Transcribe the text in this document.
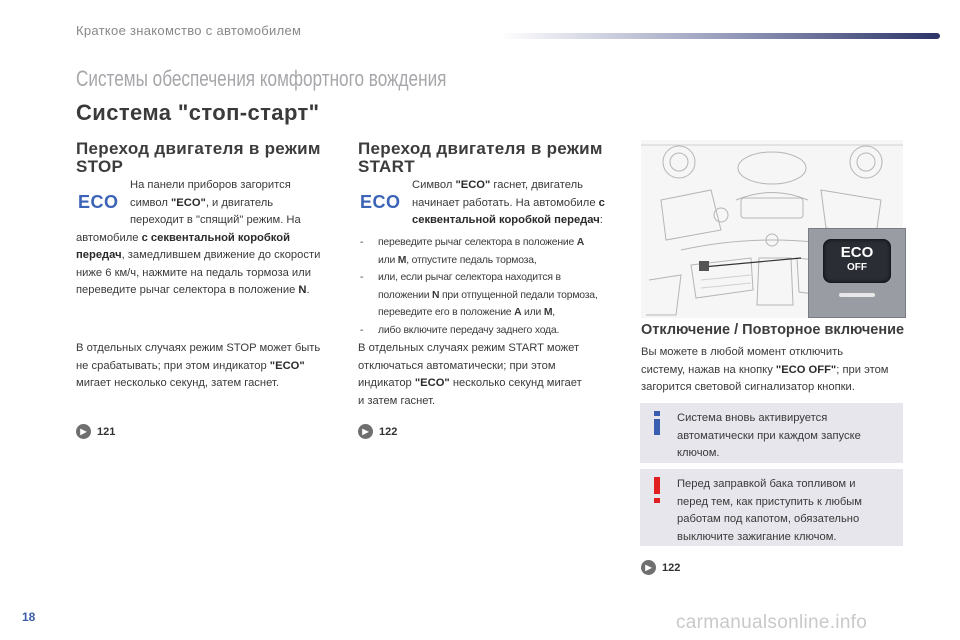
Краткое знакомство с автомобилем
Системы обеспечения комфортного вождения
Система "стоп-старт"
Переход двигателя в режим
STOP
ECO
На панели приборов загорится
символ "ECO", и двигатель
переходит в "спящий" режим. На
автомобиле с секвентальной коробкой
передач, замедлившем движение до скорости
ниже 6 км/ч, нажмите на педаль тормоза или
переведите рычаг селектора в положение N.
В отдельных случаях режим STOP может быть
не срабатывать; при этом индикатор "ECO"
мигает несколько секунд, затем гаснет.
▶ 121
Переход двигателя в режим
START
ECO
Символ "ECO" гаснет, двигатель
начинает работать. На автомобиле с
секвентальной коробкой передач:
- переведите рычаг селектора в положение A
или M, отпустите педаль тормоза,
- или, если рычаг селектора находится в
положении N при отпущенной педали тормоза,
переведите его в положение A или M,
- либо включите передачу заднего хода.
В отдельных случаях режим START может
отключаться автоматически; при этом
индикатор "ECO" несколько секунд мигает
и затем гаснет.
▶ 122
ECO
OFF
Отключение / Повторное включение
Вы можете в любой момент отключить
систему, нажав на кнопку "ECO OFF"; при этом
загорится световой сигнализатор кнопки.
Система вновь активируется
автоматически при каждом запуске
ключом.
Перед заправкой бака топливом и
перед тем, как приступить к любым
работам под капотом, обязательно
выключите зажигание ключом.
▶ 122
18	carmanualsonline.info
